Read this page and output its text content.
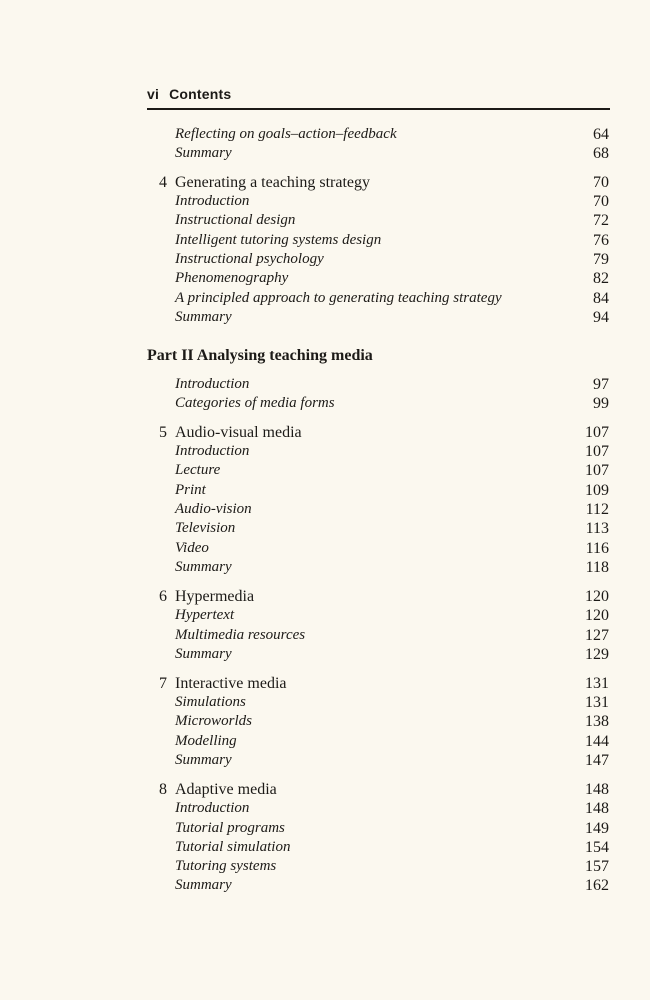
vi Contents
Reflecting on goals–action–feedback	64
Summary	68
4 Generating a teaching strategy	70
Introduction	70
Instructional design	72
Intelligent tutoring systems design	76
Instructional psychology	79
Phenomenography	82
A principled approach to generating teaching strategy	84
Summary	94
Part II Analysing teaching media
Introduction	97
Categories of media forms	99
5 Audio-visual media	107
Introduction	107
Lecture	107
Print	109
Audio-vision	112
Television	113
Video	116
Summary	118
6 Hypermedia	120
Hypertext	120
Multimedia resources	127
Summary	129
7 Interactive media	131
Simulations	131
Microworlds	138
Modelling	144
Summary	147
8 Adaptive media	148
Introduction	148
Tutorial programs	149
Tutorial simulation	154
Tutoring systems	157
Summary	162
